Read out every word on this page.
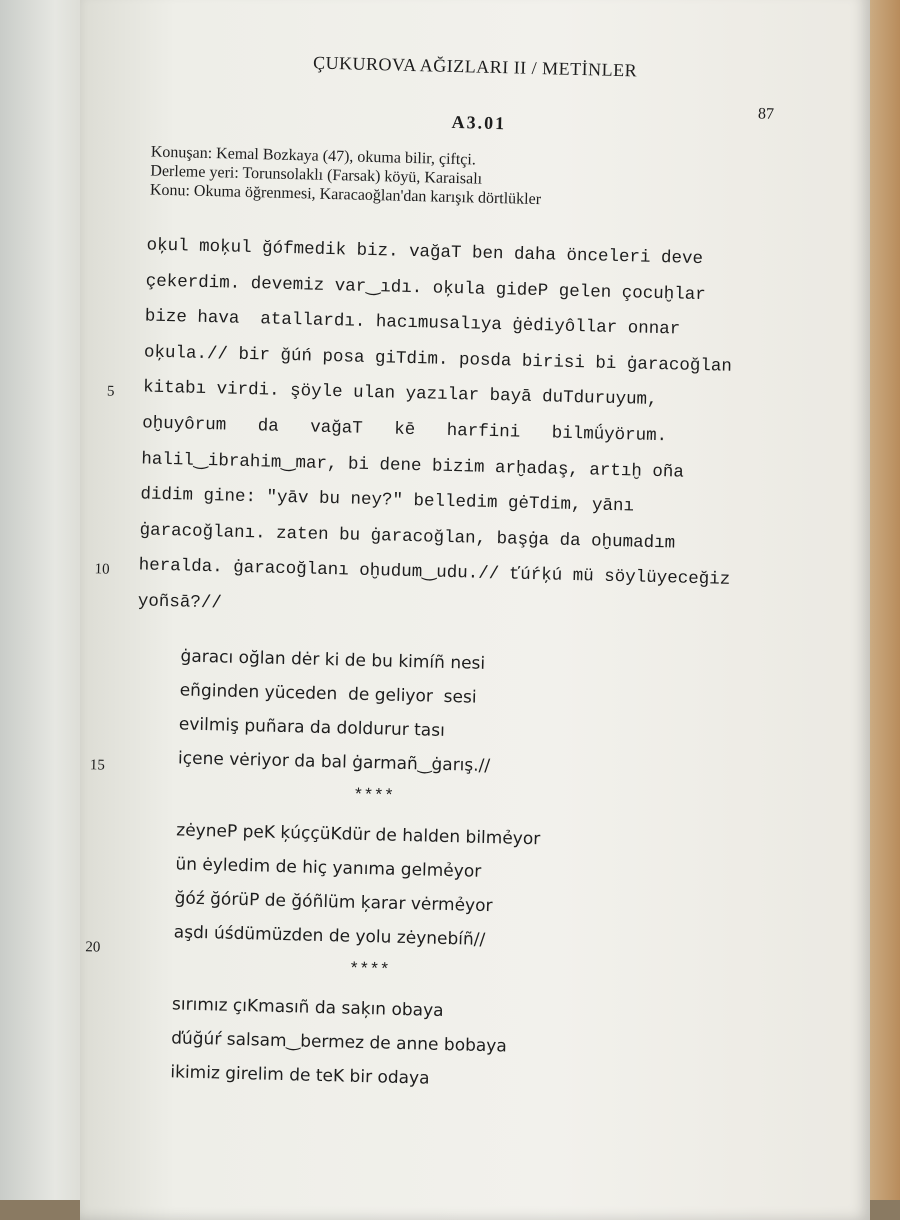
ÇUKUROVA AĞIZLARI II / METİNLER
87
A3.01
Konuşan: Kemal Bozkaya (47), okuma bilir, çiftçi.
Derleme yeri: Torunsolaklı (Farsak) köyü, Karaisalı
Konu: Okuma öğrenmesi, Karacaoğlan'dan karışık dörtlükler
oķul moķul ğófmedik biz. vağaT ben daha önceleri deve
çekerdim. devemiz var‿ıdı. oķula gideP gelen çocuḫlar
bize hava  atallardı. hacımusalıya ġėdiyôllar onnar
oķula.// bir ğúń posa giTdim. posda birisi bi ġaracoğlan
kitabı virdi. şöyle ulan yazılar bayā duTduruyum,
oḫuyôrum   da   vağaT   kē   harfini   bilmǘyörum.
halil‿ibrahim‿mar, bi dene bizim arḫadaş, artıḫ oña
didim gine: "yāv bu ney?" belledim gėTdim, yānı
ġaracoğlanı. zaten bu ġaracoğlan, başġa da oḫumadım
heralda. ġaracoğlanı oḫudum‿udu.// ťúŕķú mü söylüyeceğiz
yoñsā?//
ġaracı oğlan dėr ki de bu kimíñ nesi
eñginden yüceden  de geliyor  sesi
evilmiş puñara da doldurur tası
içene vėriyor da bal ġarmañ‿ġarış.//
****
zėyneP peK ķúççüKdür de halden bilmẻyor
ün ėyledim de hiç yanıma gelmẻyor
ğóź ğórüP de ğóñlüm ķarar vėrmẻyor
aşdı úśdümüzden de yolu zėynebíñ//
****
sırımız çıKmasıñ da saķın obaya
ďúğúŕ salsam‿bermez de anne bobaya
ikimiz girelim de teK bir odaya
5
10
15
20
